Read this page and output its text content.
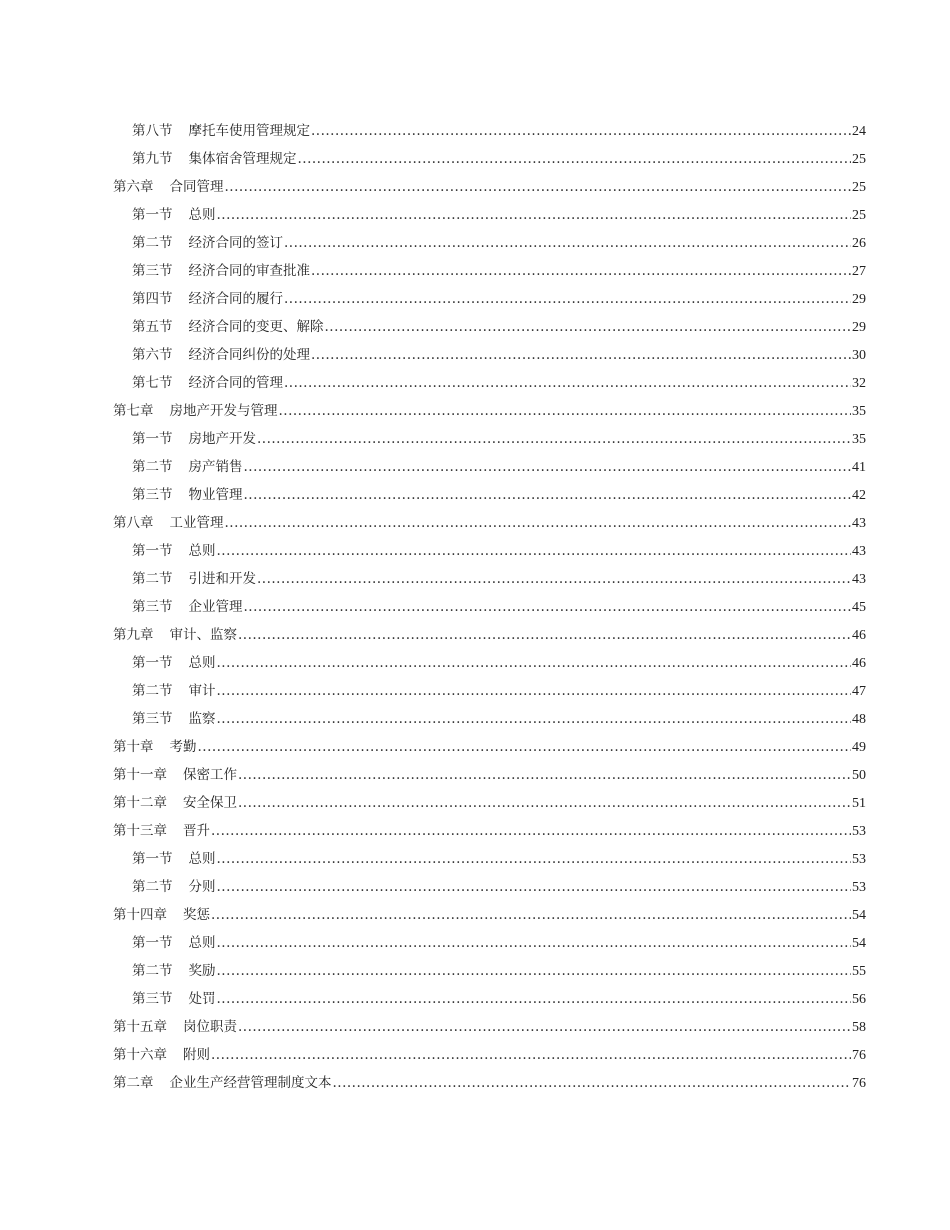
第八节 摩托车使用管理规定 .....	24
第九节 集体宿舍管理规定 .....	25
第六章 合同管理 .....	25
第一节 总则 .....	25
第二节 经济合同的签订 .....	26
第三节 经济合同的审查批准 .....	27
第四节 经济合同的履行 .....	29
第五节 经济合同的变更、解除 .....	29
第六节 经济合同纠份的处理 .....	30
第七节 经济合同的管理 .....	32
第七章 房地产开发与管理 .....	35
第一节 房地产开发 .....	35
第二节 房产销售 .....	41
第三节 物业管理 .....	42
第八章 工业管理 .....	43
第一节 总则 .....	43
第二节 引进和开发 .....	43
第三节 企业管理 .....	45
第九章 审计、监察 .....	46
第一节 总则 .....	46
第二节 审计 .....	47
第三节 监察 .....	48
第十章 考勤 .....	49
第十一章 保密工作 .....	50
第十二章 安全保卫 .....	51
第十三章 晋升 .....	53
第一节 总则 .....	53
第二节 分则 .....	53
第十四章 奖惩 .....	54
第一节 总则 .....	54
第二节 奖励 .....	55
第三节 处罚 .....	56
第十五章 岗位职责 .....	58
第十六章 附则 .....	76
第二章 企业生产经营管理制度文本 .....	76
